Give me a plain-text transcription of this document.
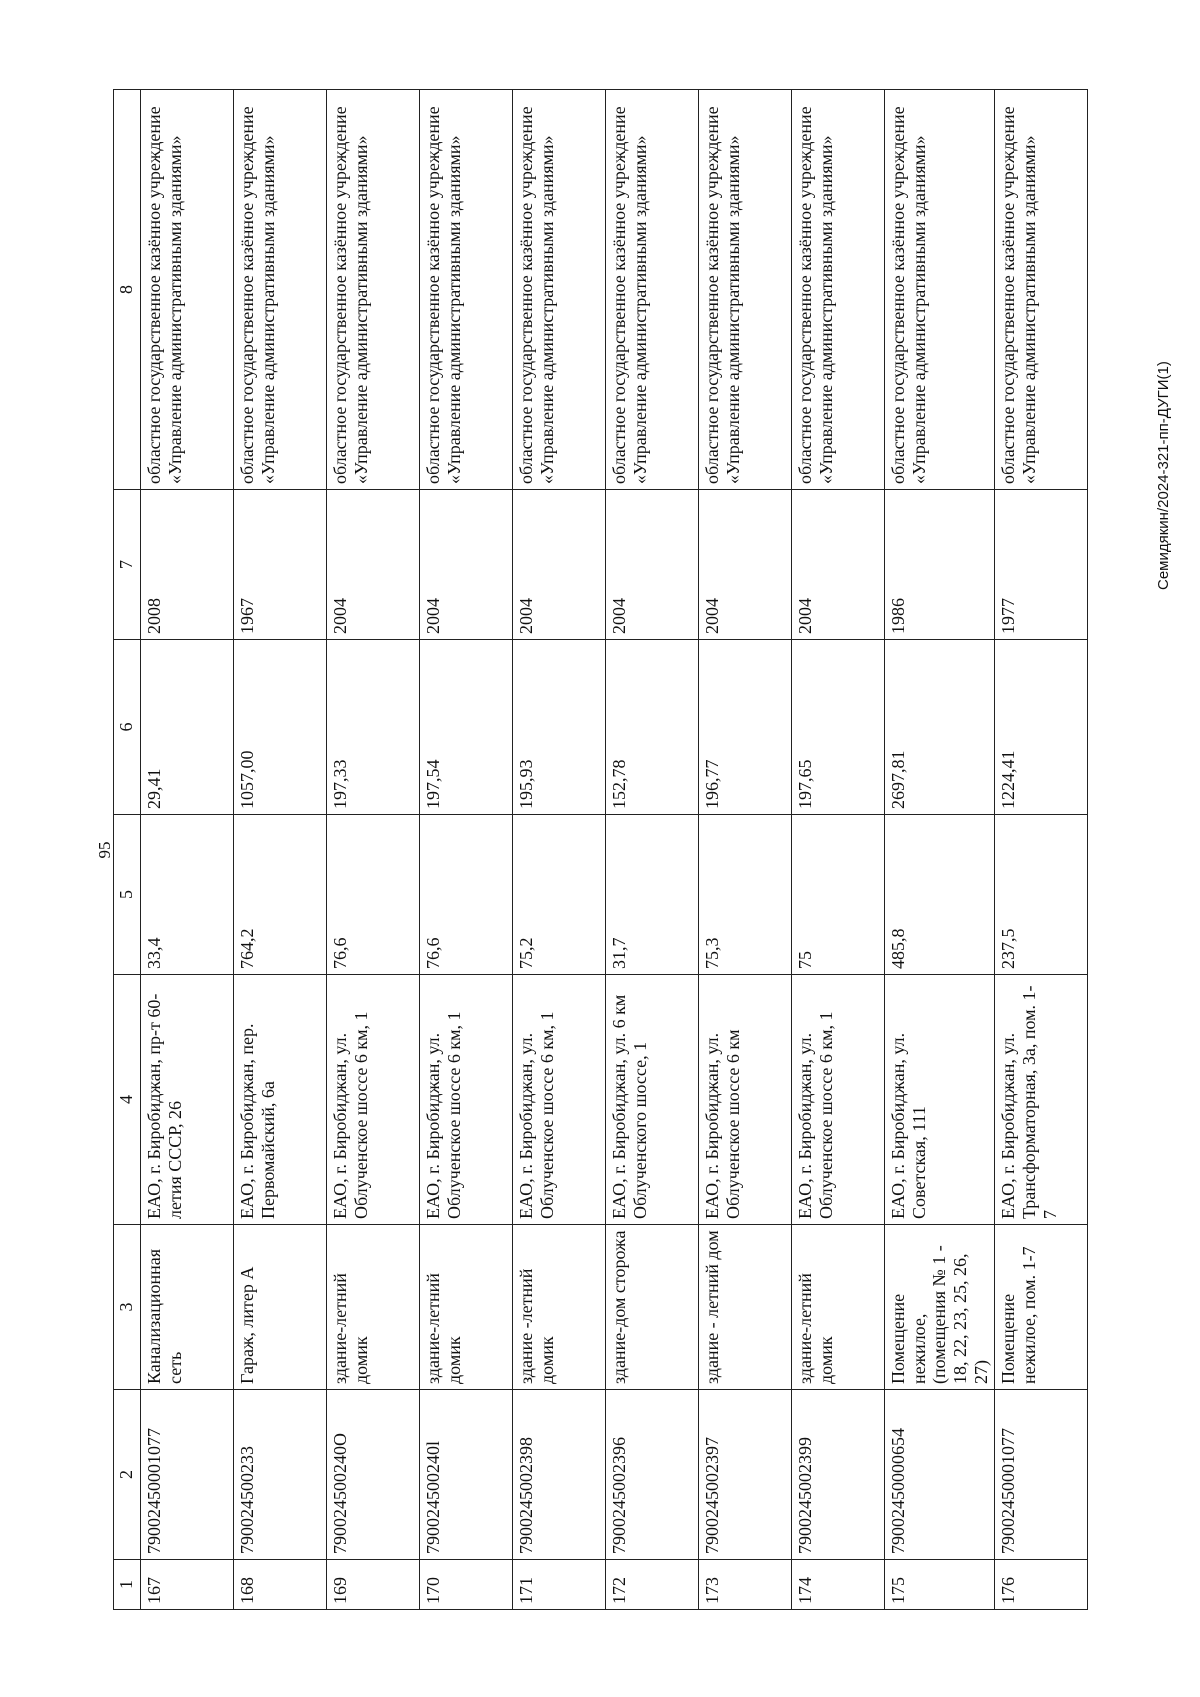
95
1	2	3	4	5	6	7	8
167	79002450001077	Канализационная сеть	ЕАО, г. Биробиджан, пр-т 60-летия СССР, 26	33,4	29,41	2008	областное государственное казённое учреждение «Управление административными зданиями»
168	790024500233	Гараж, литер А	ЕАО, г. Биробиджан, пер. Первомайский, 6а	764,2	1057,00	1967	областное государственное казённое учреждение «Управление административными зданиями»
169	790024500240О	здание-летний домик	ЕАО, г. Биробиджан, ул. Облученское шоссе 6 км, 1	76,6	197,33	2004	областное государственное казённое учреждение «Управление административными зданиями»
170	790024500240l	здание-летний домик	ЕАО, г. Биробиджан, ул. Облученское шоссе 6 км, 1	76,6	197,54	2004	областное государственное казённое учреждение «Управление административными зданиями»
171	7900245002398	здание -летний домик	ЕАО, г. Биробиджан, ул. Облученское шоссе 6 км, 1	75,2	195,93	2004	областное государственное казённое учреждение «Управление административными зданиями»
172	7900245002396	здание-дом сторожа	ЕАО, г. Биробиджан, ул. 6 км Облученского шоссе, 1	31,7	152,78	2004	областное государственное казённое учреждение «Управление административными зданиями»
173	7900245002397	здание - летний дом	ЕАО, г. Биробиджан, ул. Облученское шоссе 6 км	75,3	196,77	2004	областное государственное казённое учреждение «Управление административными зданиями»
174	7900245002399	здание-летний домик	ЕАО, г. Биробиджан, ул. Облученское шоссе 6 км, 1	75	197,65	2004	областное государственное казённое учреждение «Управление административными зданиями»
175	79002450000654	Помещение нежилое, (помещения № 1 - 18, 22, 23, 25, 26, 27)	ЕАО, г. Биробиджан, ул. Советская, 111	485,8	2697,81	1986	областное государственное казённое учреждение «Управление административными зданиями»
176	79002450001077	Помещение нежилое, пом. 1-7	ЕАО, г. Биробиджан, ул. Трансформаторная, 3а, пом. 1-7	237,5	1224,41	1977	областное государственное казённое учреждение «Управление административными зданиями»	Семидякин/2024-321-пп-ДУГИ(1)
